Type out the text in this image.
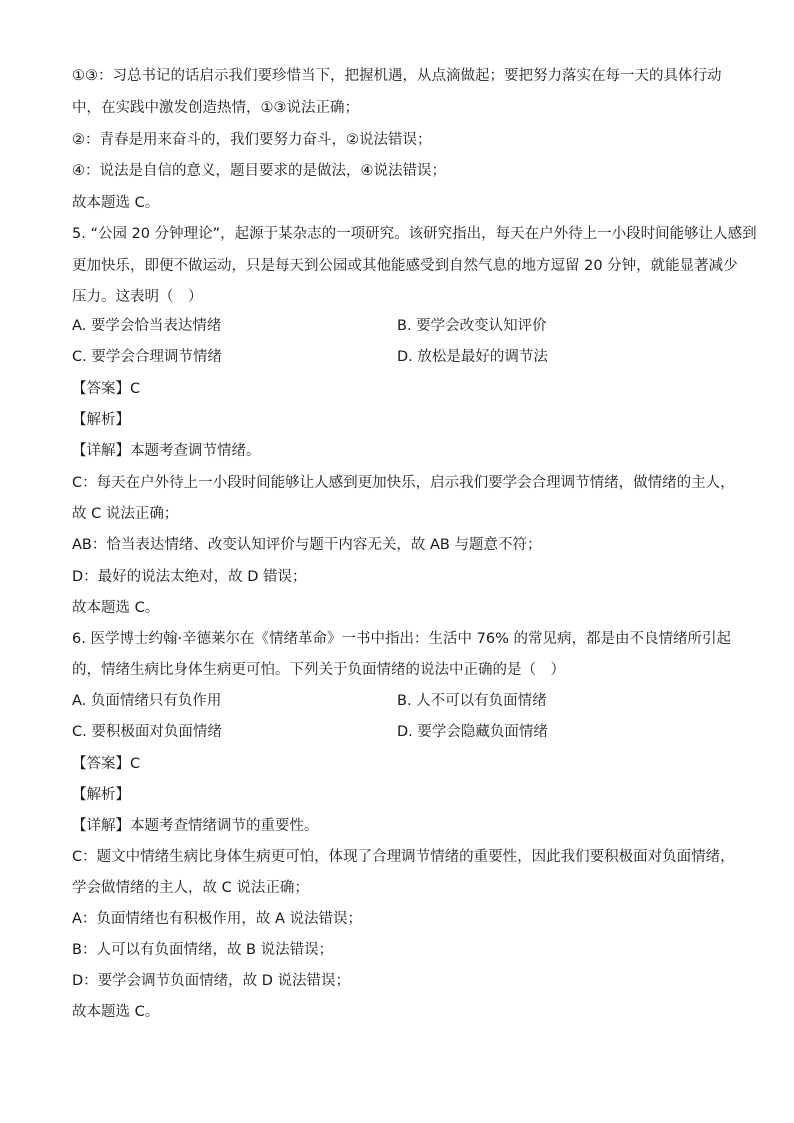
①③：习总书记的话启示我们要珍惜当下，把握机遇，从点滴做起；要把努力落实在每一天的具体行动
中，在实践中激发创造热情，①③说法正确；
②：青春是用来奋斗的，我们要努力奋斗，②说法错误；
④：说法是自信的意义，题目要求的是做法，④说法错误；
故本题选 C。
5. “公园 20 分钟理论”，起源于某杂志的一项研究。该研究指出，每天在户外待上一小段时间能够让人感到
更加快乐，即便不做运动，只是每天到公园或其他能感受到自然气息的地方逗留 20 分钟，就能显著减少
压力。这表明（　）
A. 要学会恰当表达情绪	B. 要学会改变认知评价
C. 要学会合理调节情绪	D. 放松是最好的调节法
【答案】C
【解析】
【详解】本题考查调节情绪。
C：每天在户外待上一小段时间能够让人感到更加快乐，启示我们要学会合理调节情绪，做情绪的主人，
故 C 说法正确；
AB：恰当表达情绪、改变认知评价与题干内容无关，故 AB 与题意不符；
D：最好的说法太绝对，故 D 错误；
故本题选 C。
6. 医学博士约翰·辛德莱尔在《情绪革命》一书中指出：生活中 76% 的常见病，都是由不良情绪所引起
的，情绪生病比身体生病更可怕。下列关于负面情绪的说法中正确的是（　）
A. 负面情绪只有负作用	B. 人不可以有负面情绪
C. 要积极面对负面情绪	D. 要学会隐藏负面情绪
【答案】C
【解析】
【详解】本题考查情绪调节的重要性。
C：题文中情绪生病比身体生病更可怕，体现了合理调节情绪的重要性，因此我们要积极面对负面情绪，
学会做情绪的主人，故 C 说法正确；
A：负面情绪也有积极作用，故 A 说法错误；
B：人可以有负面情绪，故 B 说法错误；
D：要学会调节负面情绪，故 D 说法错误；
故本题选 C。
